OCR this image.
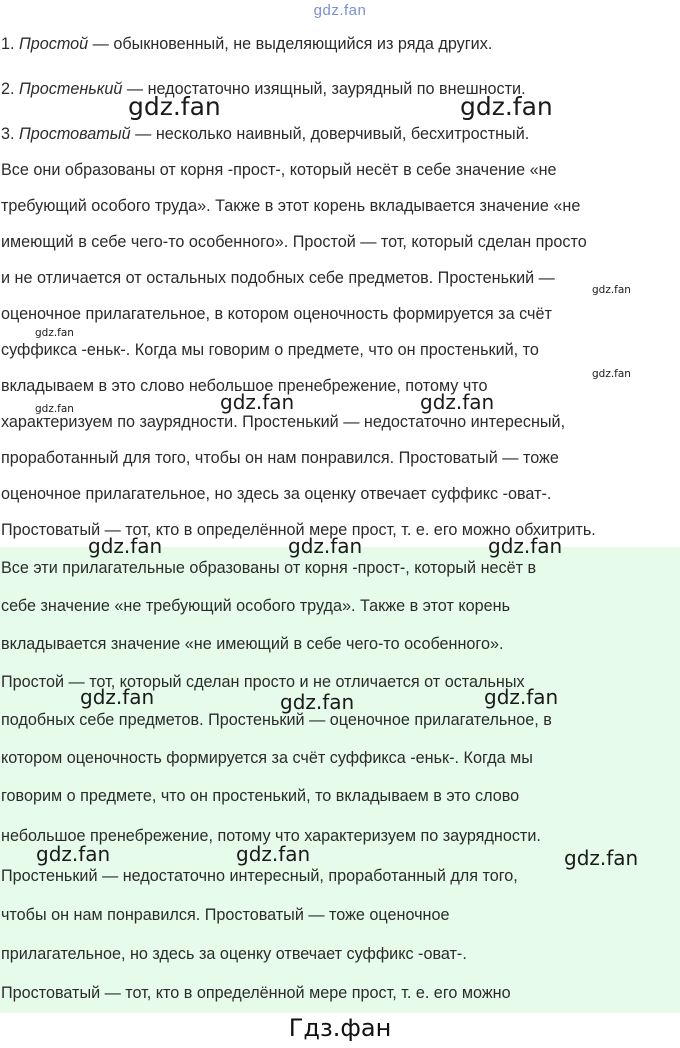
gdz.fan
1. Простой — обыкновенный, не выделяющийся из ряда других.
2. Простенький — недостаточно изящный, заурядный по внешности.
3. Простоватый — несколько наивный, доверчивый, бесхитростный.
Все они образованы от корня -прост-, который несёт в себе значение «не
требующий особого труда». Также в этот корень вкладывается значение «не
имеющий в себе чего-то особенного». Простой — тот, который сделан просто
и не отличается от остальных подобных себе предметов. Простенький —
оценочное прилагательное, в котором оценочность формируется за счёт
суффикса -еньк-. Когда мы говорим о предмете, что он простенький, то
вкладываем в это слово небольшое пренебрежение, потому что
характеризуем по заурядности. Простенький — недостаточно интересный,
проработанный для того, чтобы он нам понравился. Простоватый — тоже
оценочное прилагательное, но здесь за оценку отвечает суффикс -оват-.
Простоватый — тот, кто в определённой мере прост, т. е. его можно обхитрить.
Все эти прилагательные образованы от корня -прост-, который несёт в
себе значение «не требующий особого труда». Также в этот корень
вкладывается значение «не имеющий в себе чего-то особенного».
Простой — тот, который сделан просто и не отличается от остальных
подобных себе предметов. Простенький — оценочное прилагательное, в
котором оценочность формируется за счёт суффикса -еньк-. Когда мы
говорим о предмете, что он простенький, то вкладываем в это слово
небольшое пренебрежение, потому что характеризуем по заурядности.
Простенький — недостаточно интересный, проработанный для того,
чтобы он нам понравился. Простоватый — тоже оценочное
прилагательное, но здесь за оценку отвечает суффикс -оват-.
Простоватый — тот, кто в определённой мере прост, т. е. его можно
gdz.fan	gdz.fan
gdz.fan
gdz.fan
gdz.fan
gdz.fan	gdz.fan	gdz.fan
gdz.fan	gdz.fan	gdz.fan
gdz.fan	gdz.fan	gdz.fan
gdz.fan	gdz.fan	gdz.fan
Гдз.фан
